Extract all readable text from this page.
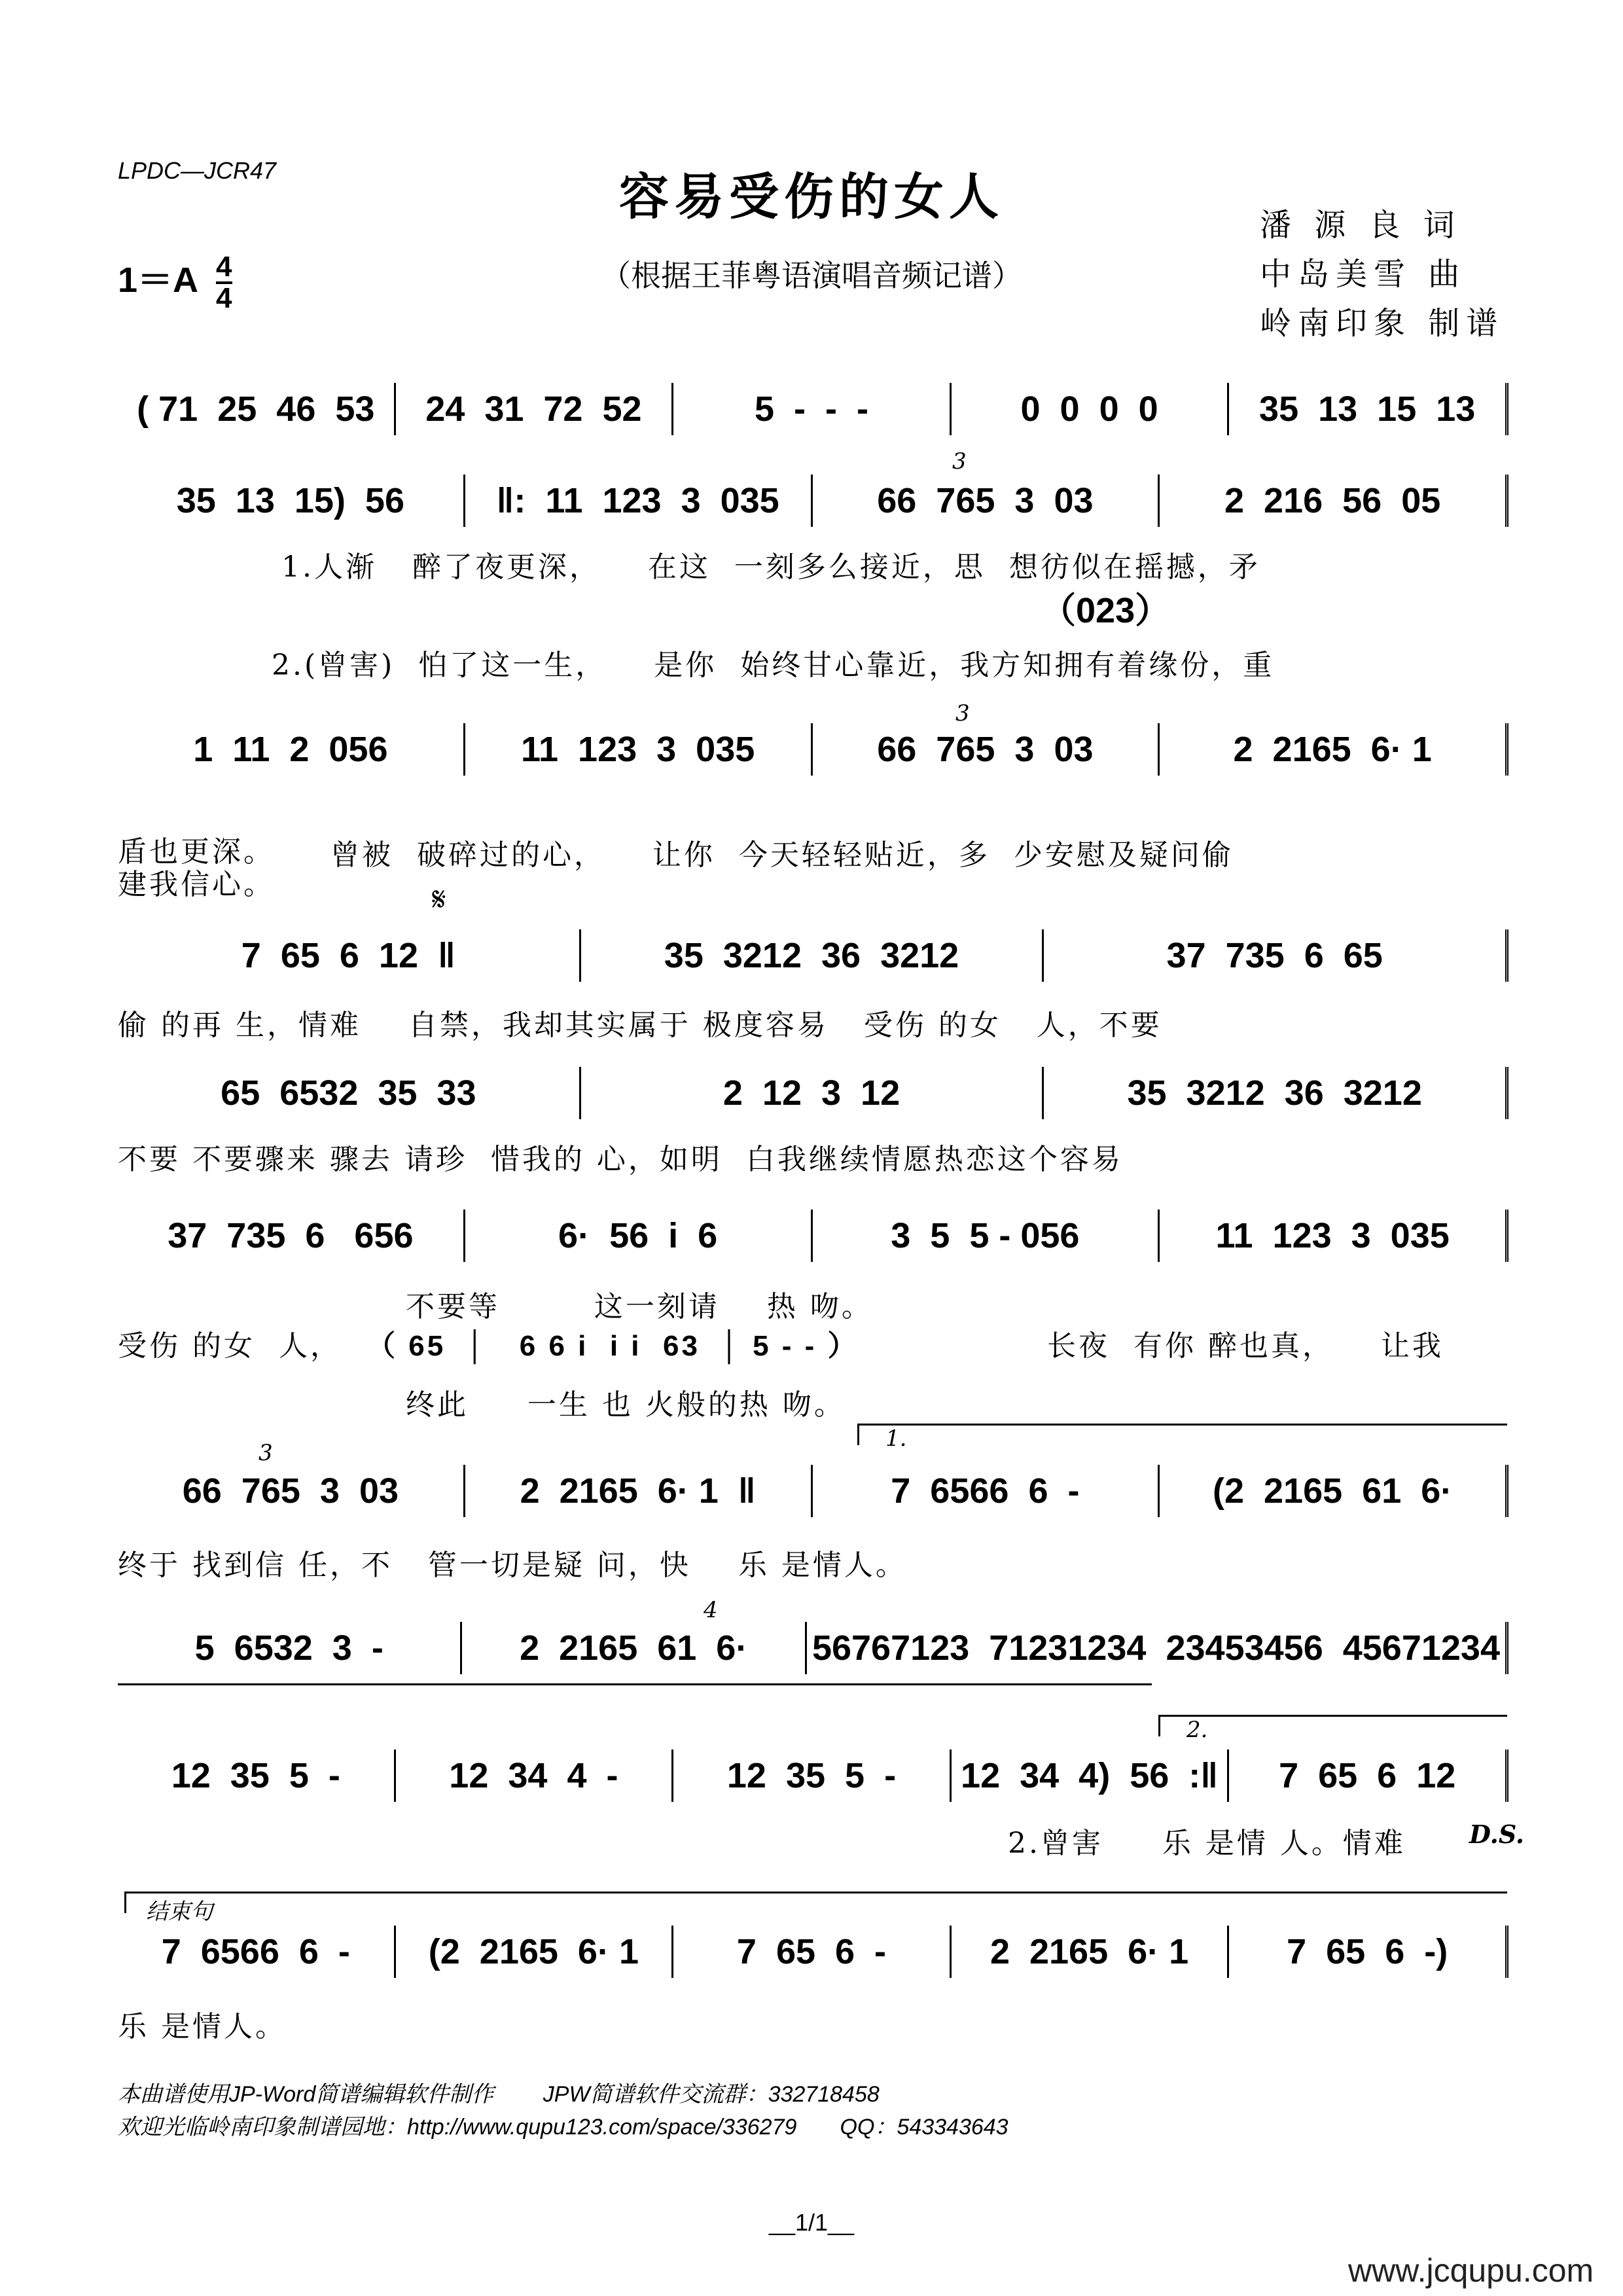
LPDC—JCR47	容易受伤的女人
（根据王菲粤语演唱音频记谱）
$1=A \frac{4}{4}$
潘 源 良 词
中岛美雪 曲
岭南印象 制谱
( 71  25  46  53	24  31  72  52	5  -  -  -	0  0  0  0	35  13  15  13
35  13  15)  56	‖:  11  123  3  035	66  765  3  03	2  216  56  05
1  11  2  056	11  123  3  035	66  765  3  03	2  2165  6· 1
7  65  6  12  ‖	35  3212  36  3212	37  735  6  65
65  6532  35  33	2  12  3  12	35  3212  36  3212
37  735  6   656	6·  56  i  6	3  5  5 - 056	11  123  3  035
66  765  3  03	2  2165  6· 1  ‖	7  6566  6  -	(2  2165  61  6·
5  6532  3  -	2  2165  61  6·	56767123  71231234  23453456  45671234
12  35  5  -	12  34  4  -	12  35  5  -	12  34  4)  56  :‖	7  65  6  12
7  6566  6  -	(2  2165  6· 1	7  65  6  -	2  2165  6· 1	7  65  6  -)
3
3
3
4
𝄋
1.
2.
D.S.
结束句
（023）
1.人渐   醉了夜更深，    在这  一刻多么接近，思  想彷似在摇撼，矛
2.(曾害)  怕了这一生，    是你  始终甘心靠近，我方知拥有着缘份，重
盾也更深。
建我信心。
曾被  破碎过的心，    让你  今天轻轻贴近，多  少安慰及疑问偷
偷 的再 生，情难    自禁，我却其实属于 极度容易   受伤 的女   人，不要
不要 不要骤来 骤去 请珍  惜我的 心，如明  白我继续情愿热恋这个容易
受伤 的女  人，
不要等        这一刻请    热 吻。
（ 65  │   6 6 i  i i  63  │ 5 - - ）
终此     一生 也 火般的热 吻。
长夜  有你 醉也真，    让我
终于 找到信 任，不   管一切是疑 问，快    乐 是情人。
2.曾害     乐 是情 人。情难
乐 是情人。
本曲谱使用JP-Word简谱编辑软件制作        JPW简谱软件交流群：332718458
欢迎光临岭南印象制谱园地：http://www.qupu123.com/space/336279       QQ：543343643
__1/1__
www.jcqupu.com
